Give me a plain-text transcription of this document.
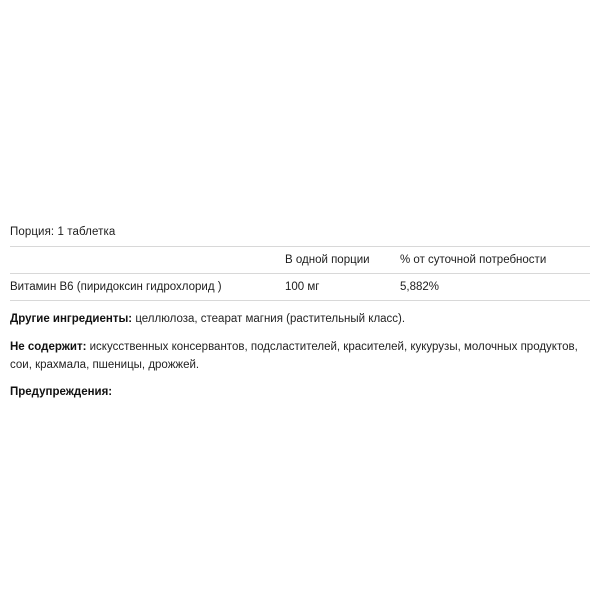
Порция: 1 таблетка
	В одной порции	% от суточной потребности
Витамин B6 (пиридоксин гидрохлорид )	100 мг	5,882%

Другие ингредиенты: целлюлоза, стеарат магния (растительный класс).

Не содержит: искусственных консервантов, подсластителей, красителей, кукурузы, молочных продуктов, сои, крахмала, пшеницы, дрожжей.

Предупреждения:
